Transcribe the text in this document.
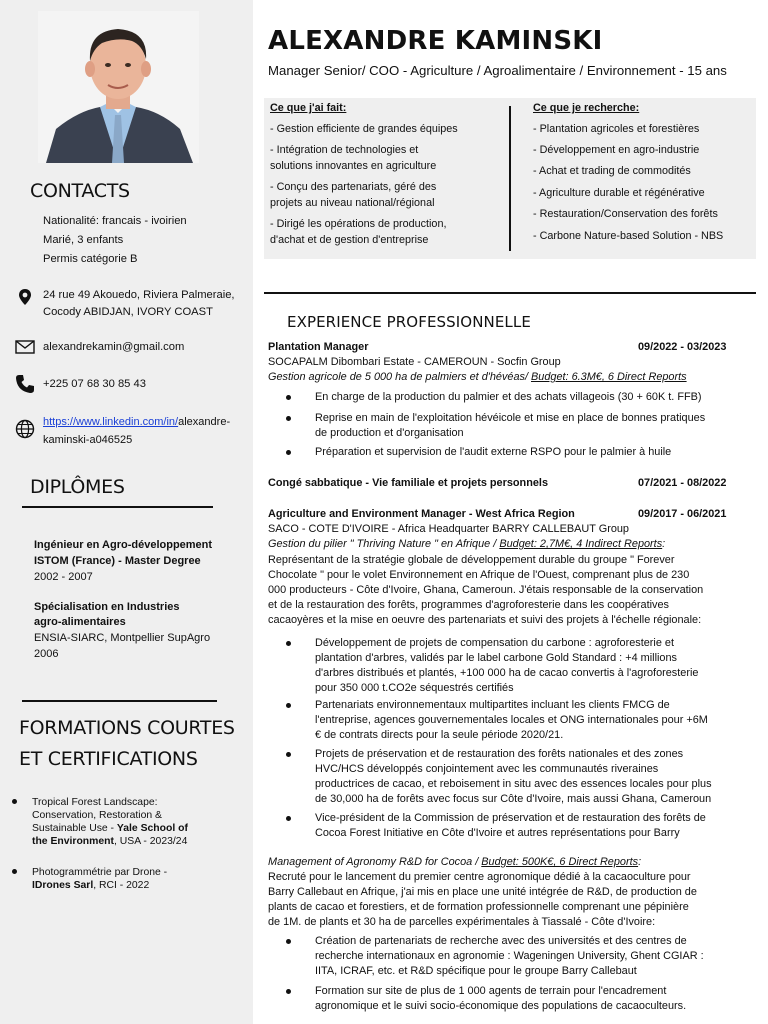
CONTACTS
Nationalité: francais - ivoirien
Marié, 3 enfants
Permis catégorie B
24 rue 49 Akouedo, Riviera Palmeraie,
Cocody ABIDJAN, IVORY COAST
alexandrekamin@gmail.com
+225 07 68 30 85 43
https://www.linkedin.com/in/alexandre-
kaminski-a046525
DIPLÔMES
Ingénieur en Agro-développement
ISTOM (France) - Master Degree
2002 - 2007
Spécialisation en Industries
agro-alimentaires
ENSIA-SIARC, Montpellier SupAgro
2006
FORMATIONS COURTES
ET CERTIFICATIONS
Tropical Forest Landscape:
Conservation, Restoration &
Sustainable Use - Yale School of
the Environment, USA - 2023/24
Photogrammétrie par Drone -
IDrones Sarl, RCI - 2022
ALEXANDRE KAMINSKI
Manager Senior/ COO - Agriculture / Agroalimentaire / Environnement - 15 ans
Ce que j'ai fait:
- Gestion efficiente de grandes équipes
- Intégration de technologies et
solutions innovantes en agriculture
- Conçu des partenariats, géré des
projets au niveau national/régional
- Dirigé les opérations de production,
d'achat et de gestion d'entreprise
Ce que je recherche:
- Plantation agricoles et forestières
- Développement en agro-industrie
- Achat et trading de commodités
- Agriculture durable et régénérative
- Restauration/Conservation des forêts
- Carbone Nature-based Solution - NBS
EXPERIENCE PROFESSIONNELLE
Plantation Manager	09/2022 - 03/2023
SOCAPALM Dibombari Estate - CAMEROUN - Socfin Group
Gestion agricole de 5 000 ha de palmiers et d'hévéas/ Budget: 6.3M€, 6 Direct Reports
En charge de la production du palmier et des achats villageois (30 + 60K t. FFB)
Reprise en main de l'exploitation hévéicole et mise en place de bonnes pratiques
de production et d'organisation
Préparation et supervision de l'audit externe RSPO pour le palmier à huile
Congé sabbatique - Vie familiale et projets personnels	07/2021 - 08/2022
Agriculture and Environment Manager - West Africa Region	09/2017 - 06/2021
SACO - COTE D'IVOIRE - Africa Headquarter BARRY CALLEBAUT Group
Gestion du pilier " Thriving Nature " en Afrique / Budget: 2,7M€, 4 Indirect Reports:
Représentant de la stratégie globale de développement durable du groupe " Forever
Chocolate " pour le volet Environnement en Afrique de l'Ouest, comprenant plus de 230
000 producteurs - Côte d'Ivoire, Ghana, Cameroun. J'étais responsable de la conservation
et de la restauration des forêts, programmes d'agroforesterie dans les coopératives
cacaoyères et la mise en oeuvre des partenariats et suivi des projets à l'échelle régionale:
Développement de projets de compensation du carbone : agroforesterie et
plantation d'arbres, validés par le label carbone Gold Standard : +4 millions
d'arbres distribués et plantés, +100 000 ha de cacao convertis à l'agroforesterie
pour 350 000 t.CO2e séquestrés certifiés
Partenariats environnementaux multipartites incluant les clients FMCG de
l'entreprise, agences gouvernementales locales et ONG internationales pour +6M
€ de contrats directs pour la seule période 2020/21.
Projets de préservation et de restauration des forêts nationales et des zones
HVC/HCS développés conjointement avec les communautés riveraines
productrices de cacao, et reboisement in situ avec des essences locales pour plus
de 30,000 ha de forêts avec focus sur Côte d'Ivoire, mais aussi Ghana, Cameroun
Vice-président de la Commission de préservation et de restauration des forêts de
Cocoa Forest Initiative en Côte d'Ivoire et autres représentations pour Barry
Management of Agronomy R&D for Cocoa / Budget: 500K€, 6 Direct Reports:
Recruté pour le lancement du premier centre agronomique dédié à la cacaoculture pour
Barry Callebaut en Afrique, j'ai mis en place une unité intégrée de R&D, de production de
plants de cacao et forestiers, et de formation professionnelle comprenant une pépinière
de 1M. de plants et 30 ha de parcelles expérimentales à Tiassalé - Côte d'Ivoire:
Création de partenariats de recherche avec des universités et des centres de
recherche internationaux en agronomie : Wageningen University, Ghent CGIAR :
IITA, ICRAF, etc. et R&D spécifique pour le groupe Barry Callebaut
Formation sur site de plus de 1 000 agents de terrain pour l'encadrement
agronomique et le suivi socio-économique des populations de cacaoculteurs.
